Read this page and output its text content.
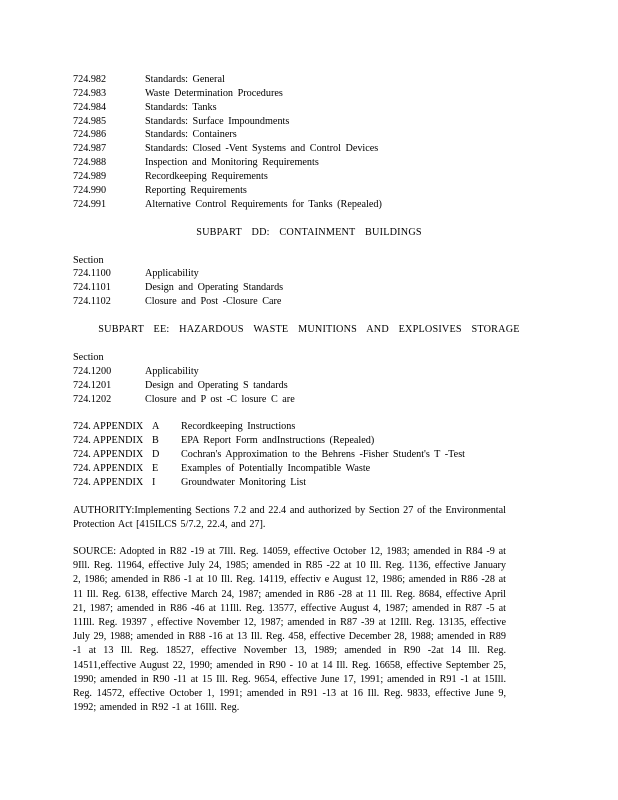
724.982	Standards: General
724.983	Waste Determination Procedures
724.984	Standards: Tanks
724.985	Standards: Surface Impoundments
724.986	Standards: Containers
724.987	Standards: Closed -Vent Systems and Control Devices
724.988	Inspection and Monitoring Requirements
724.989	Recordkeeping Requirements
724.990	Reporting Requirements
724.991	Alternative Control Requirements for Tanks (Repealed)
SUBPART DD: CONTAINMENT BUILDINGS
Section
724.1100	Applicability
724.1101	Design and Operating Standards
724.1102	Closure and Post -Closure Care
SUBPART EE: HAZARDOUS WASTE MUNITIONS AND EXPLOSIVES STORAGE
Section
724.1200	Applicability
724.1201	Design and Operating S tandards
724.1202	Closure and P ost -C losure C are
724. APPENDIX A Recordkeeping Instructions
724. APPENDIX B EPA Report Form andInstructions (Repealed)
724. APPENDIX D Cochran's Approximation to the Behrens -Fisher Student's T -Test
724. APPENDIX E Examples of Potentially Incompatible Waste
724. APPENDIX I	Groundwater Monitoring List
AUTHORITY:Implementing Sections 7.2 and 22.4 and authorized by Section 27 of the Environmental Protection Act [415ILCS 5/7.2, 22.4, and 27].
SOURCE: Adopted in R82 -19 at 7Ill. Reg. 14059, effective October 12, 1983; amended in R84 -9 at 9Ill. Reg. 11964, effective July 24, 1985; amended in R85 -22 at 10 Ill. Reg. 1136, effective January 2, 1986; amended in R86 -1 at 10 Ill. Reg. 14119, effectiv e August 12, 1986; amended in R86 -28 at 11 Ill. Reg. 6138, effective March 24, 1987; amended in R86 -28 at 11 Ill. Reg. 8684, effective April 21, 1987; amended in R86 -46 at 11Ill. Reg. 13577, effective August 4, 1987; amended in R87 -5 at 11Ill. Reg. 19397 , effective November 12, 1987; amended in R87 -39 at 12Ill. Reg. 13135, effective July 29, 1988; amended in R88 -16 at 13 Ill. Reg. 458, effective December 28, 1988; amended in R89 -1 at 13 Ill. Reg. 18527, effective November 13, 1989; amended in R90 -2at 14 Ill. Reg. 14511,effective August 22, 1990; amended in R90 - 10 at 14 Ill. Reg. 16658, effective September 25, 1990; amended in R90 -11 at 15 Ill. Reg. 9654, effective June 17, 1991; amended in R91 -1 at 15Ill. Reg. 14572, effective October 1, 1991; amended in R91 -13 at 16 Ill. Reg. 9833, effective June 9, 1992; amended in R92 -1 at 16Ill. Reg.
